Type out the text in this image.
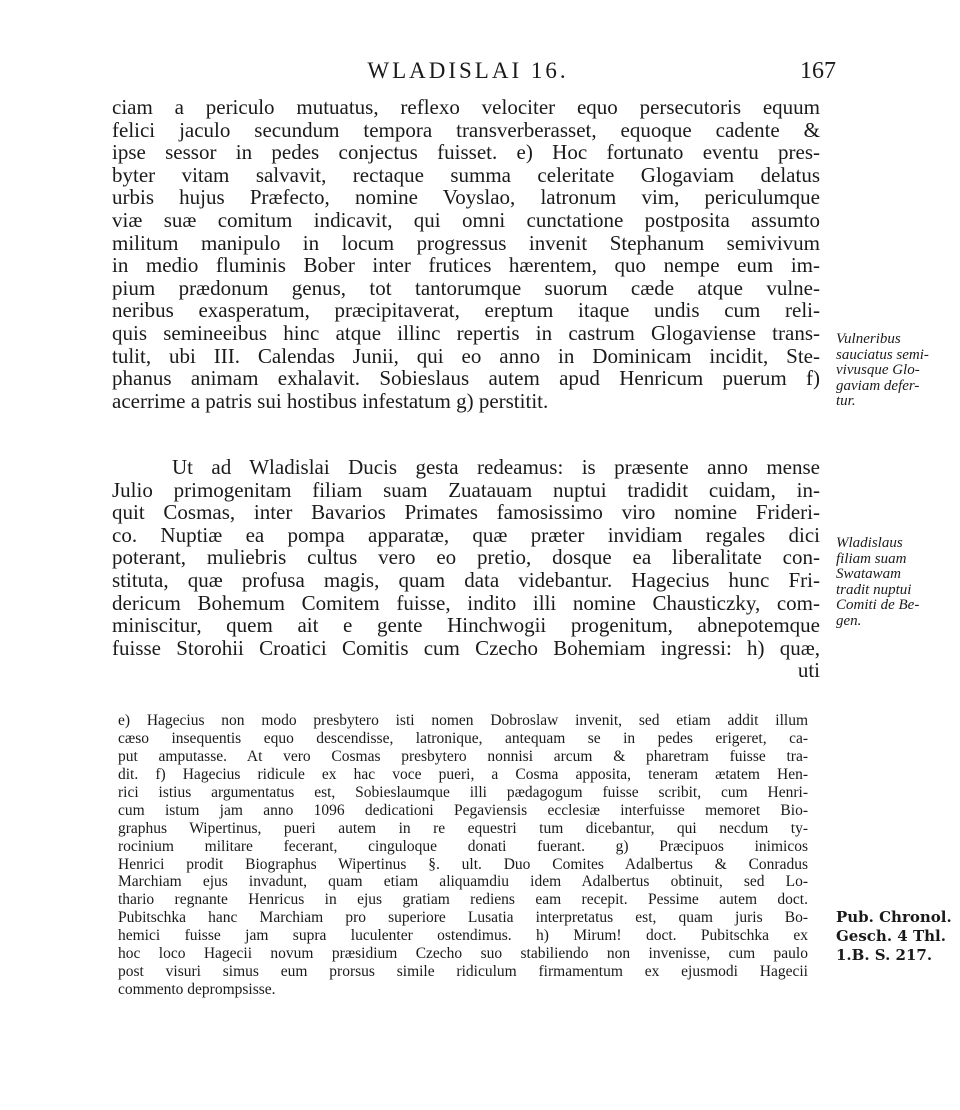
WLADISLAI 16.	167
ciam a periculo mutuatus, reflexo velociter equo persecutoris equum
felici jaculo secundum tempora transverberasset, equoque cadente &
ipse sessor in pedes conjectus fuisset. e) Hoc fortunato eventu pres-
byter vitam salvavit, rectaque summa celeritate Glogaviam delatus
urbis hujus Præfecto, nomine Voyslao, latronum vim, periculumque
viæ suæ comitum indicavit, qui omni cunctatione postposita assumto
militum manipulo in locum progressus invenit Stephanum semivivum
in medio fluminis Bober inter frutices hærentem, quo nempe eum im-
pium prædonum genus, tot tantorumque suorum cæde atque vulne-
neribus exasperatum, præcipitaverat, ereptum itaque undis cum reli-
quis semineeibus hinc atque illinc repertis in castrum Glogaviense trans-
tulit, ubi III. Calendas Junii, qui eo anno in Dominicam incidit, Ste-
phanus animam exhalavit. Sobieslaus autem apud Henricum puerum f)
acerrime a patris sui hostibus infestatum g) perstitit.
Ut ad Wladislai Ducis gesta redeamus: is præsente anno mense
Julio primogenitam filiam suam Zuatauam nuptui tradidit cuidam, in-
quit Cosmas, inter Bavarios Primates famosissimo viro nomine Frideri-
co. Nuptiæ ea pompa apparatæ, quæ præter invidiam regales dici
poterant, muliebris cultus vero eo pretio, dosque ea liberalitate con-
stituta, quæ profusa magis, quam data videbantur. Hagecius hunc Fri-
dericum Bohemum Comitem fuisse, indito illi nomine Chausticzky, com-
miniscitur, quem ait e gente Hinchwogii progenitum, abnepotemque
fuisse Storohii Croatici Comitis cum Czecho Bohemiam ingressi: h) quæ,
uti
Vulneribus
sauciatus semi-
vivusque Glo-
gaviam defer-
tur.
Wladislaus
filiam suam
Swatawam
tradit nuptui
Comiti de Be-
gen.
Pub. Chronol.
Gesch. 4 Thl.
1.B. S. 217.
e) Hagecius non modo presbytero isti nomen Dobroslaw invenit, sed etiam addit illum
cæso insequentis equo descendisse, latronique, antequam se in pedes erigeret, ca-
put amputasse. At vero Cosmas presbytero nonnisi arcum & pharetram fuisse tra-
dit. f) Hagecius ridicule ex hac voce pueri, a Cosma apposita, teneram ætatem Hen-
rici istius argumentatus est, Sobieslaumque illi pædagogum fuisse scribit, cum Henri-
cum istum jam anno 1096 dedicationi Pegaviensis ecclesiæ interfuisse memoret Bio-
graphus Wipertinus, pueri autem in re equestri tum dicebantur, qui necdum ty-
rocinium militare fecerant, cinguloque donati fuerant. g) Præcipuos inimicos
Henrici prodit Biographus Wipertinus §. ult. Duo Comites Adalbertus & Conradus
Marchiam ejus invadunt, quam etiam aliquamdiu idem Adalbertus obtinuit, sed Lo-
thario regnante Henricus in ejus gratiam rediens eam recepit. Pessime autem doct.
Pubitschka hanc Marchiam pro superiore Lusatia interpretatus est, quam juris Bo-
hemici fuisse jam supra luculenter ostendimus. h) Mirum! doct. Pubitschka ex
hoc loco Hagecii novum præsidium Czecho suo stabiliendo non invenisse, cum paulo
post visuri simus eum prorsus simile ridiculum firmamentum ex ejusmodi Hagecii
commento deprompsisse.
